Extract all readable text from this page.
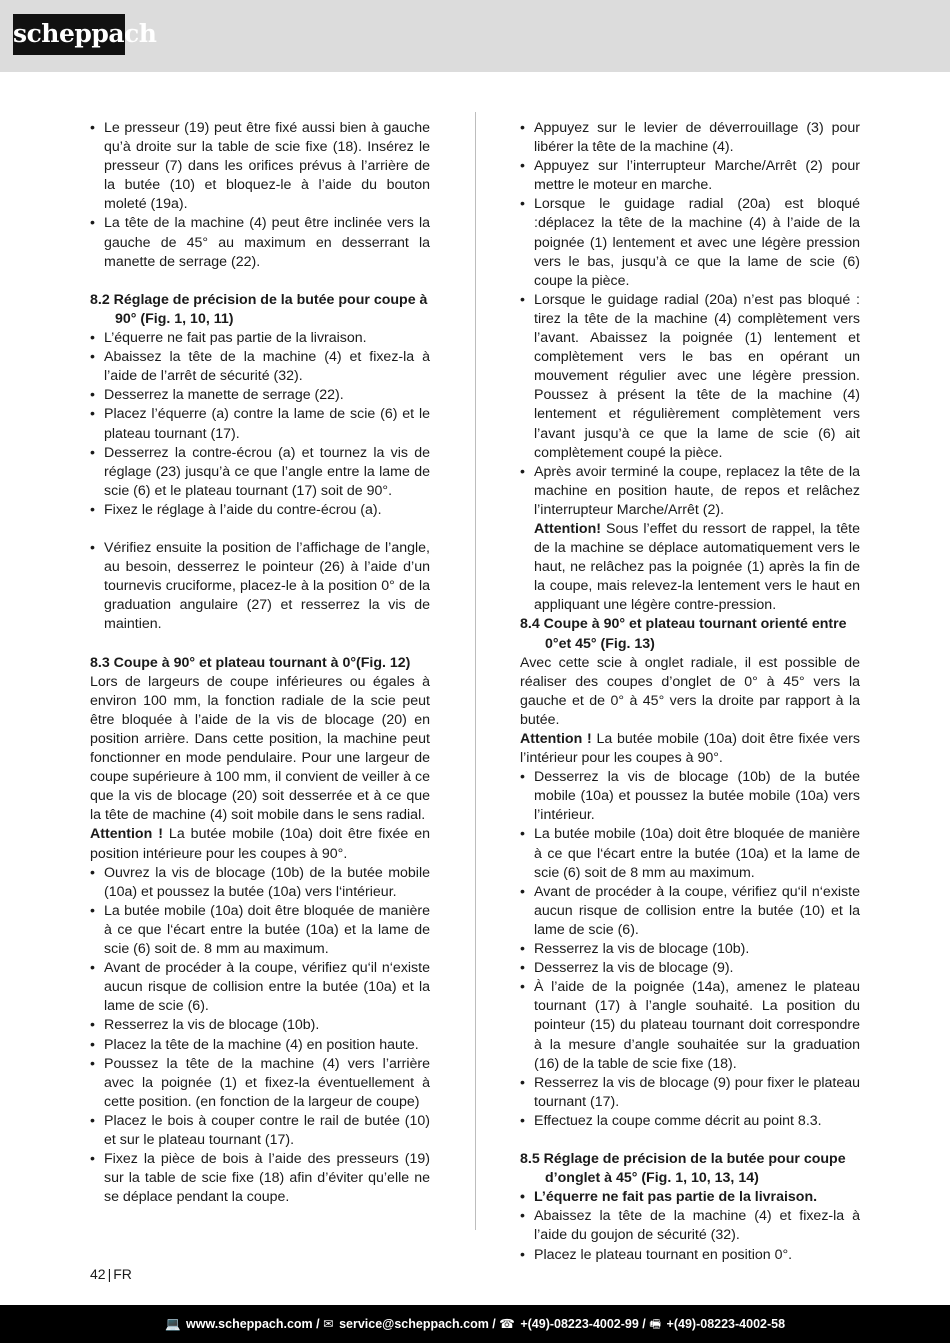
scheppach
• Le presseur (19) peut être fixé aussi bien à gauche qu’à droite sur la table de scie fixe (18). Insérez le presseur (7) dans les orifices prévus à l’arrière de la butée (10) et bloquez-le à l’aide du bouton moleté (19a).
• La tête de la machine (4) peut être inclinée vers la gauche de 45° au maximum en desserrant la manette de serrage (22).
8.2 Réglage de précision de la butée pour coupe à 90° (Fig. 1, 10, 11)
• L’équerre ne fait pas partie de la livraison.
• Abaissez la tête de la machine (4) et fixez-la à l’aide de l’arrêt de sécurité (32).
• Desserrez la manette de serrage (22).
• Placez l’équerre (a) contre la lame de scie (6) et le plateau tournant (17).
• Desserrez la contre-écrou (a) et tournez la vis de réglage (23) jusqu’à ce que l’angle entre la lame de scie (6) et le plateau tournant (17) soit de 90°.
• Fixez le réglage à l’aide du contre-écrou (a).
• Vérifiez ensuite la position de l’affichage de l’angle, au besoin, desserrez le pointeur (26) à l’aide d’un tournevis cruciforme, placez-le à la position 0° de la graduation angulaire (27) et resserrez la vis de maintien.
8.3 Coupe à 90° et plateau tournant à 0°(Fig. 12)
Lors de largeurs de coupe inférieures ou égales à environ 100 mm, la fonction radiale de la scie peut être bloquée à l’aide de la vis de blocage (20) en position arrière. Dans cette position, la machine peut fonctionner en mode pendulaire. Pour une largeur de coupe supérieure à 100 mm, il convient de veiller à ce que la vis de blocage (20) soit desserrée et à ce que la tête de machine (4) soit mobile dans le sens radial.
Attention ! La butée mobile (10a) doit être fixée en position intérieure pour les coupes à 90°.
• Ouvrez la vis de blocage (10b) de la butée mobile (10a) et poussez la butée (10a) vers l‘intérieur.
• La butée mobile (10a) doit être bloquée de manière à ce que l‘écart entre la butée (10a) et la lame de scie (6) soit de. 8 mm au maximum.
• Avant de procéder à la coupe, vérifiez qu‘il n‘existe aucun risque de collision entre la butée (10a) et la lame de scie (6).
• Resserrez la vis de blocage (10b).
• Placez la tête de la machine (4) en position haute.
• Poussez la tête de la machine (4) vers l’arrière avec la poignée (1) et fixez-la éventuellement à cette position. (en fonction de la largeur de coupe)
• Placez le bois à couper contre le rail de butée (10) et sur le plateau tournant (17).
• Fixez la pièce de bois à l’aide des presseurs (19) sur la table de scie fixe (18) afin d’éviter qu’elle ne se déplace pendant la coupe.
• Appuyez sur le levier de déverrouillage (3) pour libérer la tête de la machine (4).
• Appuyez sur l’interrupteur Marche/Arrêt (2) pour mettre le moteur en marche.
• Lorsque le guidage radial (20a) est bloqué :déplacez la tête de la machine (4) à l’aide de la poignée (1) lentement et avec une légère pression vers le bas, jusqu’à ce que la lame de scie (6) coupe la pièce.
• Lorsque le guidage radial (20a) n’est pas bloqué : tirez la tête de la machine (4) complètement vers l’avant. Abaissez la poignée (1) lentement et complètement vers le bas en opérant un mouvement régulier avec une légère pression. Poussez à présent la tête de la machine (4) lentement et régulièrement complètement vers l’avant jusqu’à ce que la lame de scie (6) ait complètement coupé la pièce.
• Après avoir terminé la coupe, replacez la tête de la machine en position haute, de repos et relâchez l’interrupteur Marche/Arrêt (2).
Attention! Sous l’effet du ressort de rappel, la tête de la machine se déplace automatiquement vers le haut, ne relâchez pas la poignée (1) après la fin de la coupe, mais relevez-la lentement vers le haut en appliquant une légère contre-pression.
8.4 Coupe à 90° et plateau tournant orienté entre 0°et 45° (Fig. 13)
Avec cette scie à onglet radiale, il est possible de réaliser des coupes d’onglet de 0° à 45° vers la gauche et de 0° à 45° vers la droite par rapport à la butée.
Attention ! La butée mobile (10a) doit être fixée vers l’intérieur pour les coupes à 90°.
• Desserrez la vis de blocage (10b) de la butée mobile (10a) et poussez la butée mobile (10a) vers l’intérieur.
• La butée mobile (10a) doit être bloquée de manière à ce que l‘écart entre la butée (10a) et la lame de scie (6) soit de 8 mm au maximum.
• Avant de procéder à la coupe, vérifiez qu‘il n‘existe aucun risque de collision entre la butée (10) et la lame de scie (6).
• Resserrez la vis de blocage (10b).
• Desserrez la vis de blocage (9).
• À l’aide de la poignée (14a), amenez le plateau tournant (17) à l’angle souhaité. La position du pointeur (15) du plateau tournant doit correspondre à la mesure d’angle souhaitée sur la graduation (16) de la table de scie fixe (18).
• Resserrez la vis de blocage (9) pour fixer le plateau tournant (17).
• Effectuez la coupe comme décrit au point 8.3.
8.5 Réglage de précision de la butée pour coupe d’onglet à 45° (Fig. 1, 10, 13, 14)
• L’équerre ne fait pas partie de la livraison.
• Abaissez la tête de la machine (4) et fixez-la à l’aide du goujon de sécurité (32).
• Placez le plateau tournant en position 0°.
42 | FR
💻 www.scheppach.com / ✉ service@scheppach.com / ☎ +(49)-08223-4002-99 / 🖷 +(49)-08223-4002-58
